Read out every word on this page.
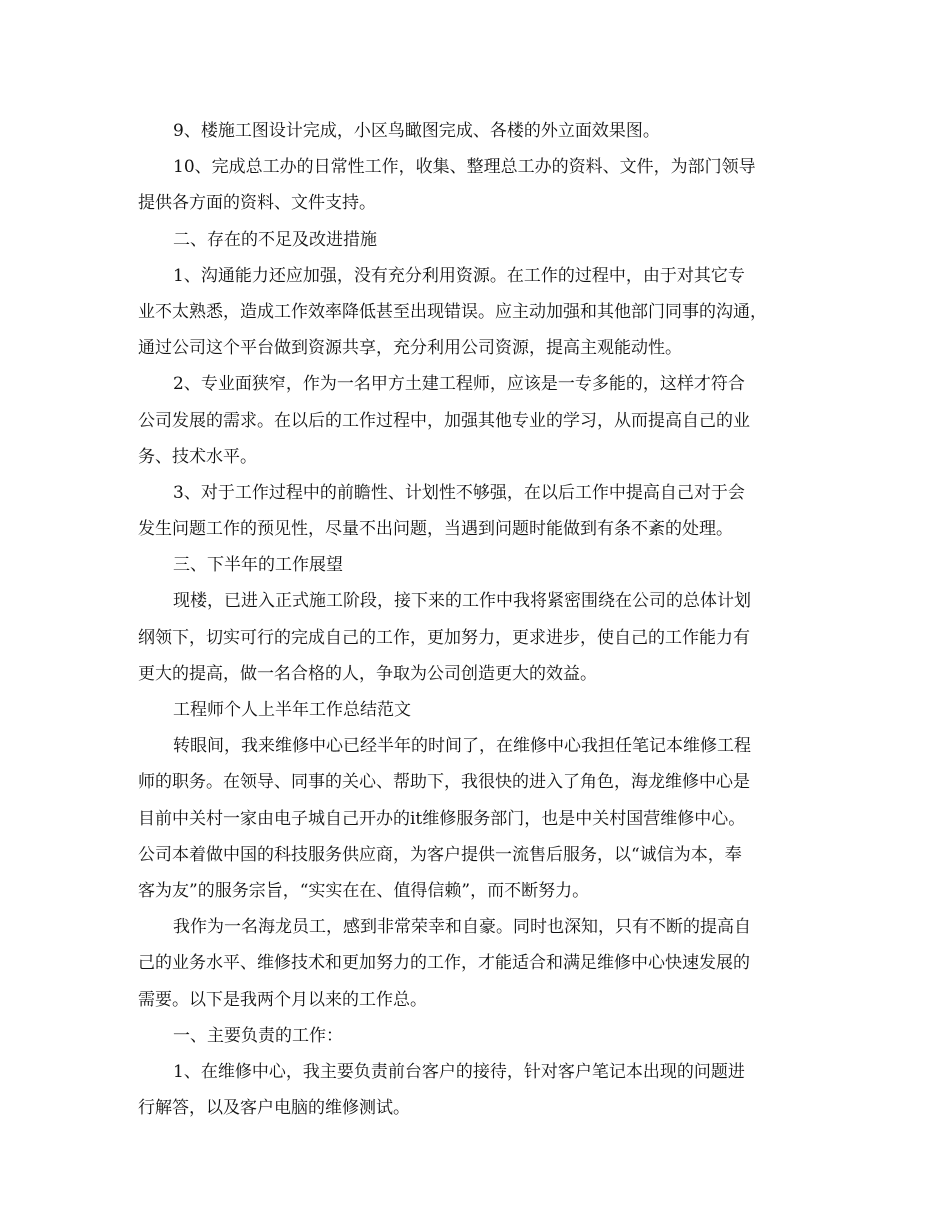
9、楼施工图设计完成，小区鸟瞰图完成、各楼的外立面效果图。
10、完成总工办的日常性工作，收集、整理总工办的资料、文件，为部门领导
提供各方面的资料、文件支持。
二、存在的不足及改进措施
1、沟通能力还应加强，没有充分利用资源。在工作的过程中，由于对其它专
业不太熟悉，造成工作效率降低甚至出现错误。应主动加强和其他部门同事的沟通，
通过公司这个平台做到资源共享，充分利用公司资源，提高主观能动性。
2、专业面狭窄，作为一名甲方土建工程师，应该是一专多能的，这样才符合
公司发展的需求。在以后的工作过程中，加强其他专业的学习，从而提高自己的业
务、技术水平。
3、对于工作过程中的前瞻性、计划性不够强，在以后工作中提高自己对于会
发生问题工作的预见性，尽量不出问题，当遇到问题时能做到有条不紊的处理。
三、下半年的工作展望
现楼，已进入正式施工阶段，接下来的工作中我将紧密围绕在公司的总体计划
纲领下，切实可行的完成自己的工作，更加努力，更求进步，使自己的工作能力有
更大的提高，做一名合格的人，争取为公司创造更大的效益。
工程师个人上半年工作总结范文
转眼间，我来维修中心已经半年的时间了，在维修中心我担任笔记本维修工程
师的职务。在领导、同事的关心、帮助下，我很快的进入了角色，海龙维修中心是
目前中关村一家由电子城自己开办的it维修服务部门，也是中关村国营维修中心。
公司本着做中国的科技服务供应商，为客户提供一流售后服务，以“诚信为本，奉
客为友”的服务宗旨，“实实在在、值得信赖”，而不断努力。
我作为一名海龙员工，感到非常荣幸和自豪。同时也深知，只有不断的提高自
己的业务水平、维修技术和更加努力的工作，才能适合和满足维修中心快速发展的
需要。以下是我两个月以来的工作总。
一、主要负责的工作：
1、在维修中心，我主要负责前台客户的接待，针对客户笔记本出现的问题进
行解答，以及客户电脑的维修测试。
